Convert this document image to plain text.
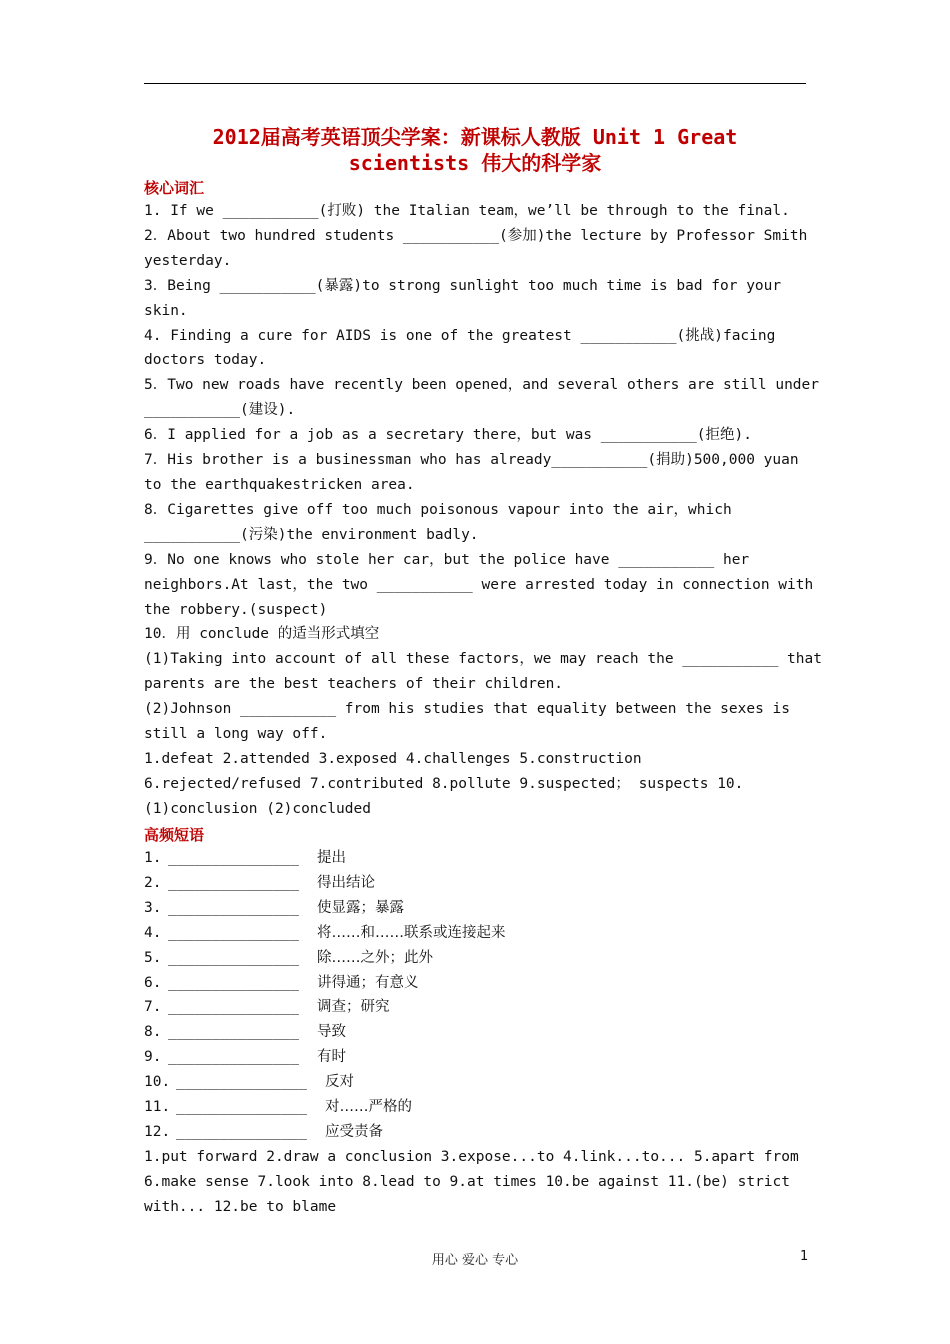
2012届高考英语顶尖学案：新课标人教版 Unit 1 Great
scientists 伟大的科学家
核心词汇
1. If we ___________(打败) the Italian team，we’ll be through to the final.
2．About two hundred students ___________(参加)the lecture by Professor Smith
yesterday.
3．Being ___________(暴露)to strong sunlight too much time is bad for your
skin.
4. Finding a cure for AIDS is one of the greatest ___________(挑战)facing
doctors today.
5．Two new roads have recently been opened，and several others are still under
___________(建设).
6．I applied for a job as a secretary there，but was ___________(拒绝).
7．His brother is a businessman who has already___________(捐助)500,000 yuan
to the earthquakestricken area.
8．Cigarettes give off too much poisonous vapour into the air，which
___________(污染)the environment badly.
9．No one knows who stole her car，but the police have ___________ her
neighbors.At last，the two ___________ were arrested today in connection with
the robbery.(suspect)
10．用 conclude 的适当形式填空
(1)Taking into account of all these factors，we may reach the ___________ that
parents are the best teachers of their children.
(2)Johnson ___________ from his studies that equality between the sexes is
still a long way off.
1.defeat 2.attended 3.exposed 4.challenges 5.construction
6.rejected/refused 7.contributed 8.pollute 9.suspected； suspects 10.
(1)conclusion (2)concluded
高频短语
1. _______________ 提出
2. _______________ 得出结论
3. _______________ 使显露；暴露
4. _______________ 将……和……联系或连接起来
5. _______________ 除……之外；此外
6. _______________ 讲得通；有意义
7. _______________ 调查；研究
8. _______________ 导致
9. _______________ 有时
10. _______________ 反对
11. _______________ 对……严格的
12. _______________ 应受责备
1.put forward 2.draw a conclusion 3.expose...to 4.link...to... 5.apart from
6.make sense 7.look into 8.lead to 9.at times 10.be against 11.(be) strict
with... 12.be to blame
用心 爱心 专心	1
